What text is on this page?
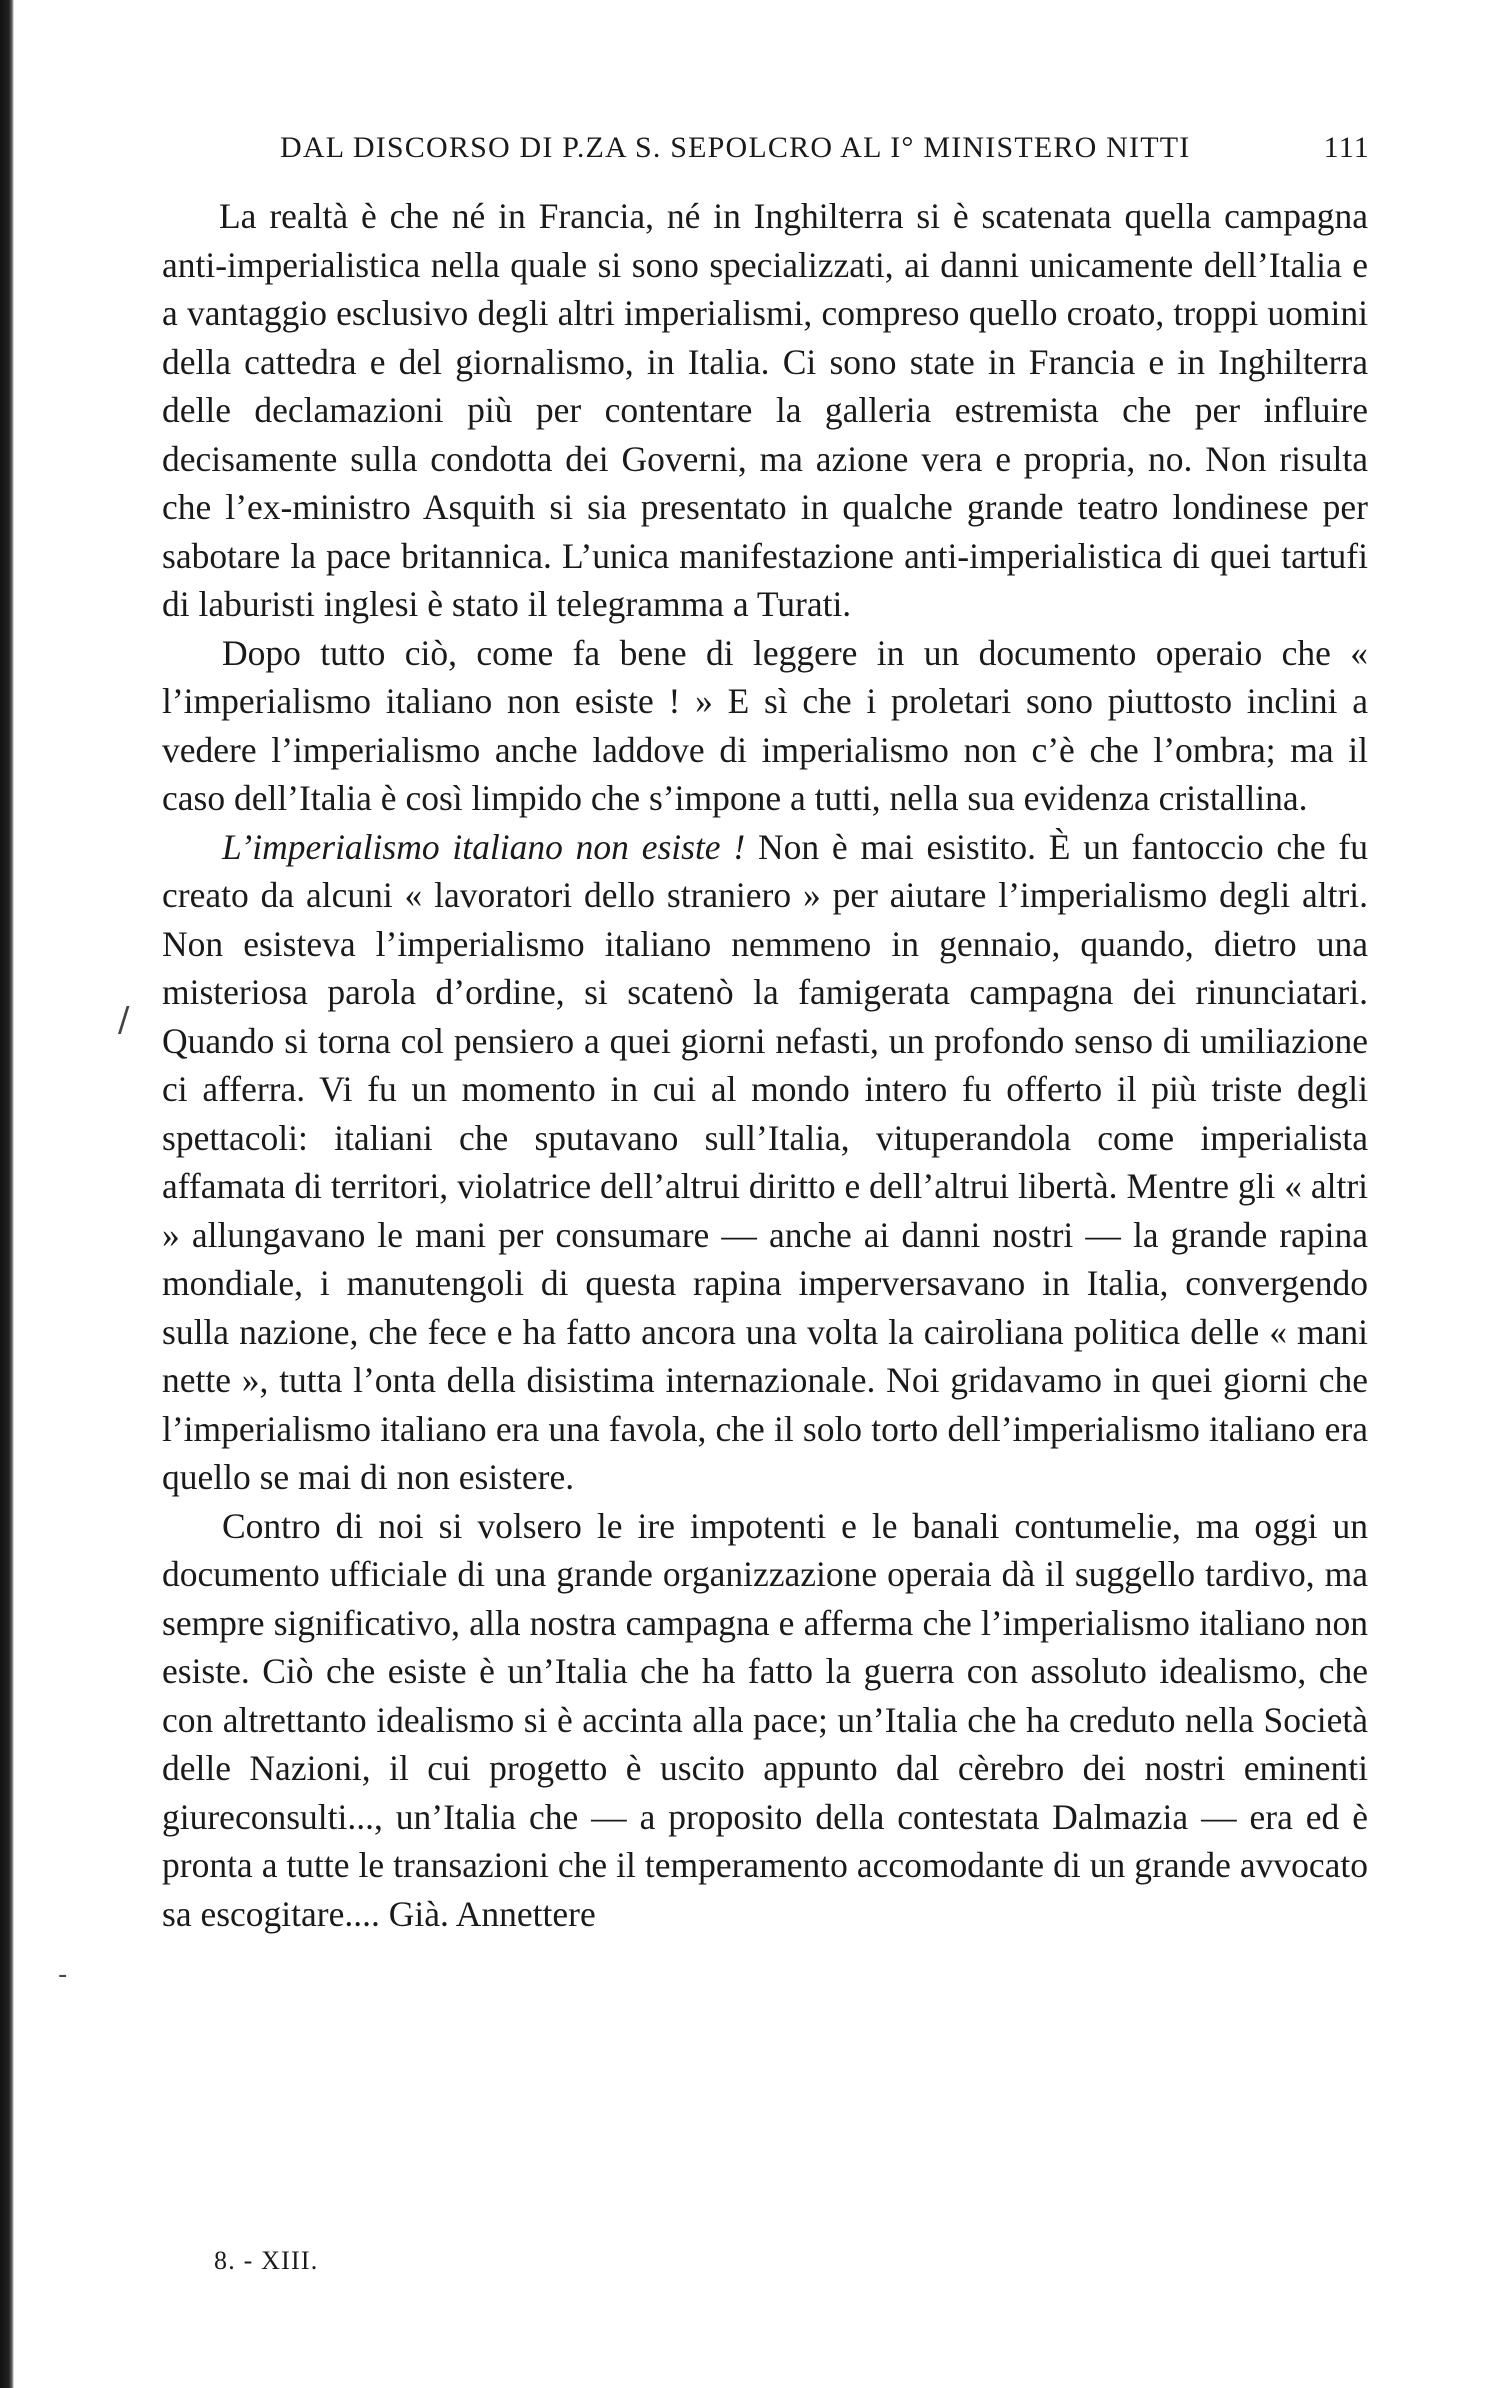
DAL DISCORSO DI P.ZA S. SEPOLCRO AL I° MINISTERO NITTI	111

La realtà è che né in Francia, né in Inghilterra si è scatenata quella campagna anti-imperialistica nella quale si sono specializzati, ai danni unicamente dell’Italia e a vantaggio esclusivo degli altri imperialismi, compreso quello croato, troppi uomini della cattedra e del giornalismo, in Italia. Ci sono state in Francia e in Inghilterra delle declamazioni più per contentare la galleria estremista che per influire decisamente sulla condotta dei Governi, ma azione vera e propria, no. Non risulta che l’ex-ministro Asquith si sia presentato in qualche grande teatro londinese per sabotare la pace britannica. L’unica manifestazione anti-imperialistica di quei tartufi di laburisti inglesi è stato il telegramma a Turati.

Dopo tutto ciò, come fa bene di leggere in un documento operaio che « l’imperialismo italiano non esiste ! » E sì che i proletari sono piuttosto inclini a vedere l’imperialismo anche laddove di imperialismo non c’è che l’ombra; ma il caso dell’Italia è così limpido che s’impone a tutti, nella sua evidenza cristallina.

L’imperialismo italiano non esiste ! Non è mai esistito. È un fantoccio che fu creato da alcuni « lavoratori dello straniero » per aiutare l’imperialismo degli altri. Non esisteva l’imperialismo italiano nemmeno in gennaio, quando, dietro una misteriosa parola d’ordine, si scatenò la famigerata campagna dei rinunciatari. Quando si torna col pensiero a quei giorni nefasti, un profondo senso di umiliazione ci afferra. Vi fu un momento in cui al mondo intero fu offerto il più triste degli spettacoli: italiani che sputavano sull’Italia, vituperandola come imperialista affamata di territori, violatrice dell’altrui diritto e dell’altrui libertà. Mentre gli « altri » allungavano le mani per consumare — anche ai danni nostri — la grande rapina mondiale, i manutengoli di questa rapina imperversavano in Italia, convergendo sulla nazione, che fece e ha fatto ancora una volta la cairoliana politica delle « mani nette », tutta l’onta della disistima internazionale. Noi gridavamo in quei giorni che l’imperialismo italiano era una favola, che il solo torto dell’imperialismo italiano era quello se mai di non esistere.

Contro di noi si volsero le ire impotenti e le banali contumelie, ma oggi un documento ufficiale di una grande organizzazione operaia dà il suggello tardivo, ma sempre significativo, alla nostra campagna e afferma che l’imperialismo italiano non esiste. Ciò che esiste è un’Italia che ha fatto la guerra con assoluto idealismo, che con altrettanto idealismo si è accinta alla pace; un’Italia che ha creduto nella Società delle Nazioni, il cui progetto è uscito appunto dal cèrebro dei nostri eminenti giureconsulti..., un’Italia che — a proposito della contestata Dalmazia — era ed è pronta a tutte le transazioni che il temperamento accomodante di un grande avvocato sa escogitare.... Già. Annettere

/
-
8. - XIII.
